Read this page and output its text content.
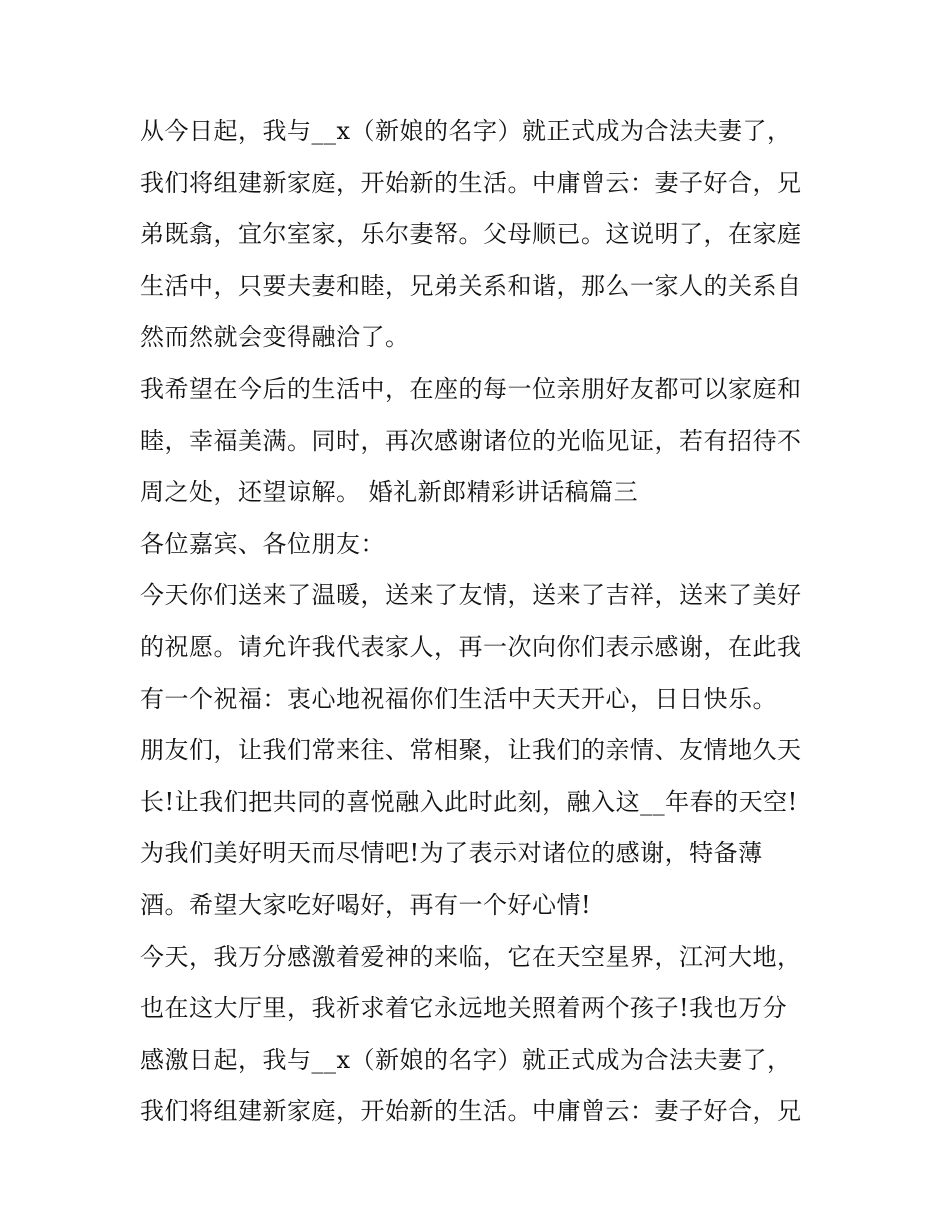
从今日起，我与__x（新娘的名字）就正式成为合法夫妻了，
我们将组建新家庭，开始新的生活。中庸曾云：妻子好合，兄
弟既翕，宜尔室家，乐尔妻帑。父母顺已。这说明了，在家庭
生活中，只要夫妻和睦，兄弟关系和谐，那么一家人的关系自
然而然就会变得融洽了。
我希望在今后的生活中，在座的每一位亲朋好友都可以家庭和
睦，幸福美满。同时，再次感谢诸位的光临见证，若有招待不
周之处，还望谅解。 婚礼新郎精彩讲话稿篇三
各位嘉宾、各位朋友：
今天你们送来了温暖，送来了友情，送来了吉祥，送来了美好
的祝愿。请允许我代表家人，再一次向你们表示感谢，在此我
有一个祝福：衷心地祝福你们生活中天天开心，日日快乐。
朋友们，让我们常来往、常相聚，让我们的亲情、友情地久天
长!让我们把共同的喜悦融入此时此刻，融入这__年春的天空!
为我们美好明天而尽情吧!为了表示对诸位的感谢，特备薄
酒。希望大家吃好喝好，再有一个好心情!
今天，我万分感激着爱神的来临，它在天空星界，江河大地，
也在这大厅里，我祈求着它永远地关照着两个孩子!我也万分
感激日起，我与__x（新娘的名字）就正式成为合法夫妻了，
我们将组建新家庭，开始新的生活。中庸曾云：妻子好合，兄
